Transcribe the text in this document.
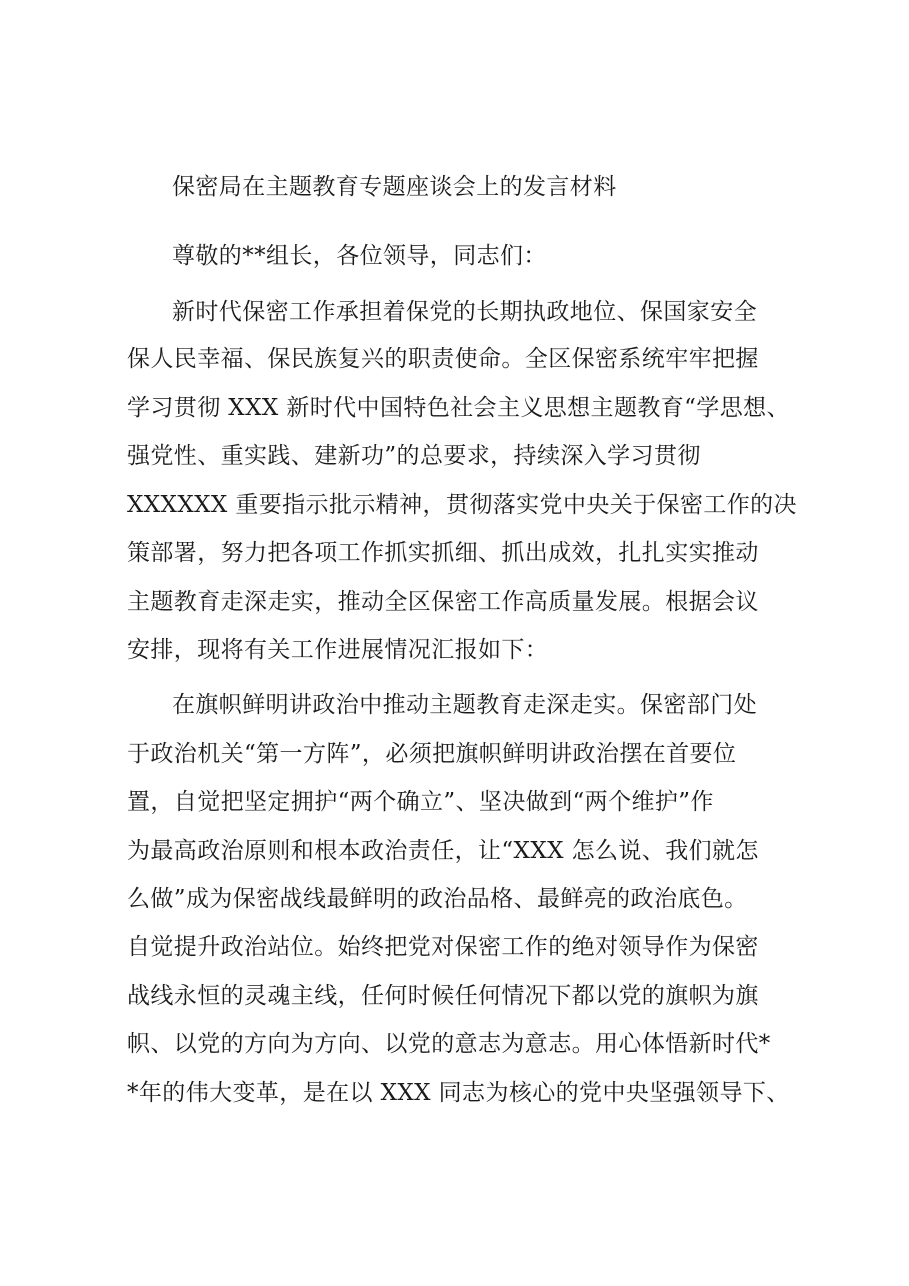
保密局在主题教育专题座谈会上的发言材料
尊敬的**组长，各位领导，同志们：
新时代保密工作承担着保党的长期执政地位、保国家安全
保人民幸福、保民族复兴的职责使命。全区保密系统牢牢把握
学习贯彻 XXX 新时代中国特色社会主义思想主题教育“学思想、
强党性、重实践、建新功”的总要求，持续深入学习贯彻
XXXXXX 重要指示批示精神，贯彻落实党中央关于保密工作的决
策部署，努力把各项工作抓实抓细、抓出成效，扎扎实实推动
主题教育走深走实，推动全区保密工作高质量发展。根据会议
安排，现将有关工作进展情况汇报如下：
在旗帜鲜明讲政治中推动主题教育走深走实。保密部门处
于政治机关“第一方阵”，必须把旗帜鲜明讲政治摆在首要位
置，自觉把坚定拥护“两个确立”、坚决做到“两个维护”作
为最高政治原则和根本政治责任，让“XXX 怎么说、我们就怎
么做”成为保密战线最鲜明的政治品格、最鲜亮的政治底色。
自觉提升政治站位。始终把党对保密工作的绝对领导作为保密
战线永恒的灵魂主线，任何时候任何情况下都以党的旗帜为旗
帜、以党的方向为方向、以党的意志为意志。用心体悟新时代*
*年的伟大变革，是在以 XXX 同志为核心的党中央坚强领导下、
